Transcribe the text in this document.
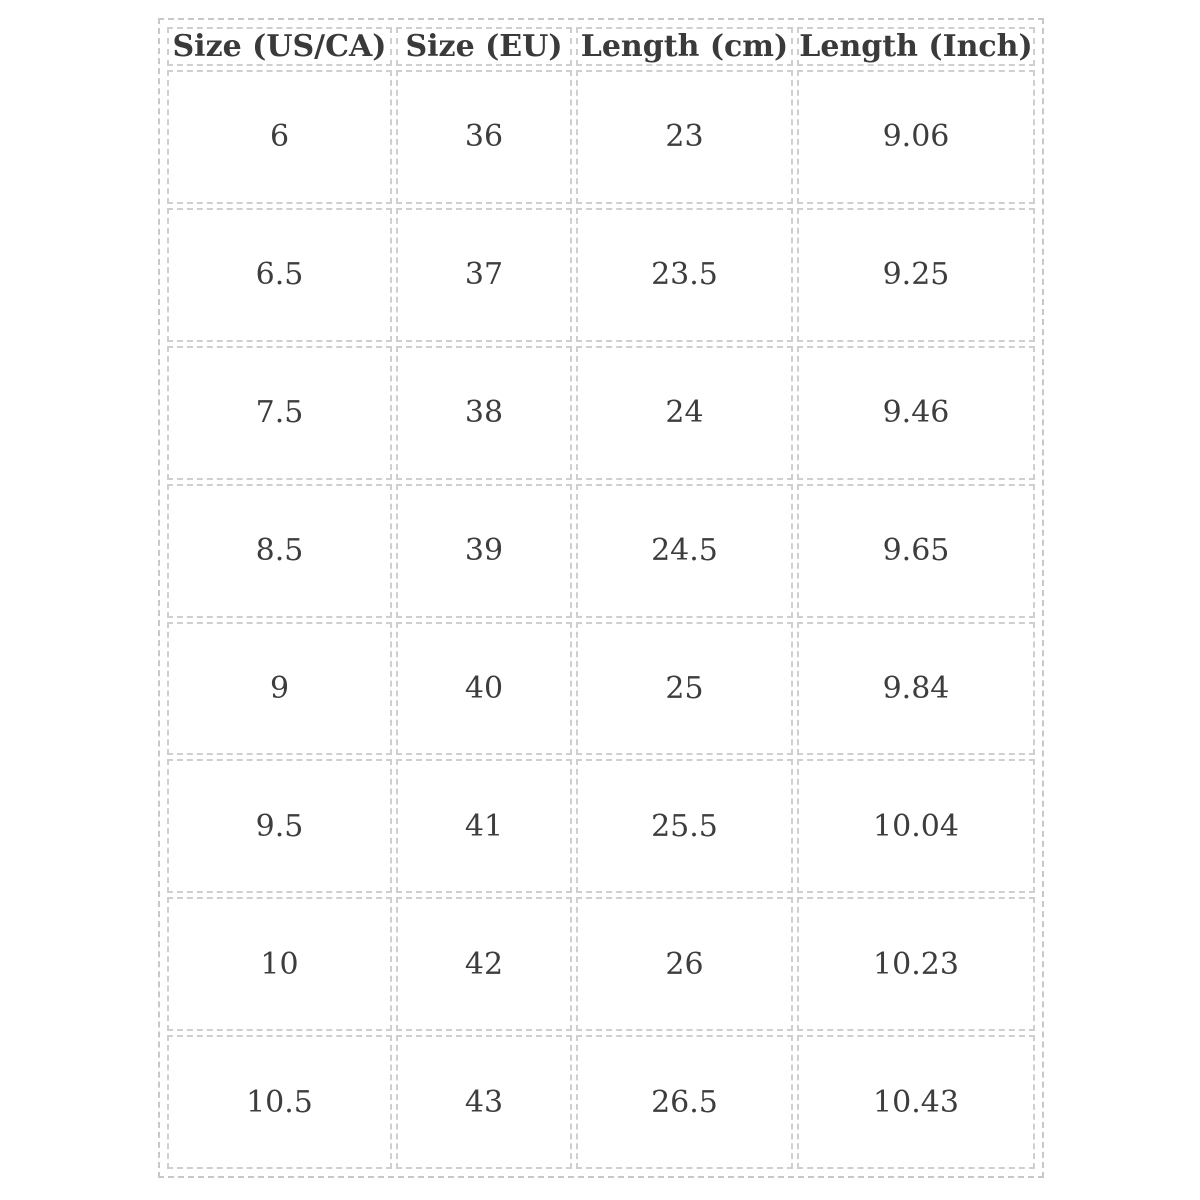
Size (US/CA)	Size (EU)	Length (cm)	Length (Inch)
6	36	23	9.06
6.5	37	23.5	9.25
7.5	38	24	9.46
8.5	39	24.5	9.65
9	40	25	9.84
9.5	41	25.5	10.04
10	42	26	10.23
10.5	43	26.5	10.43
